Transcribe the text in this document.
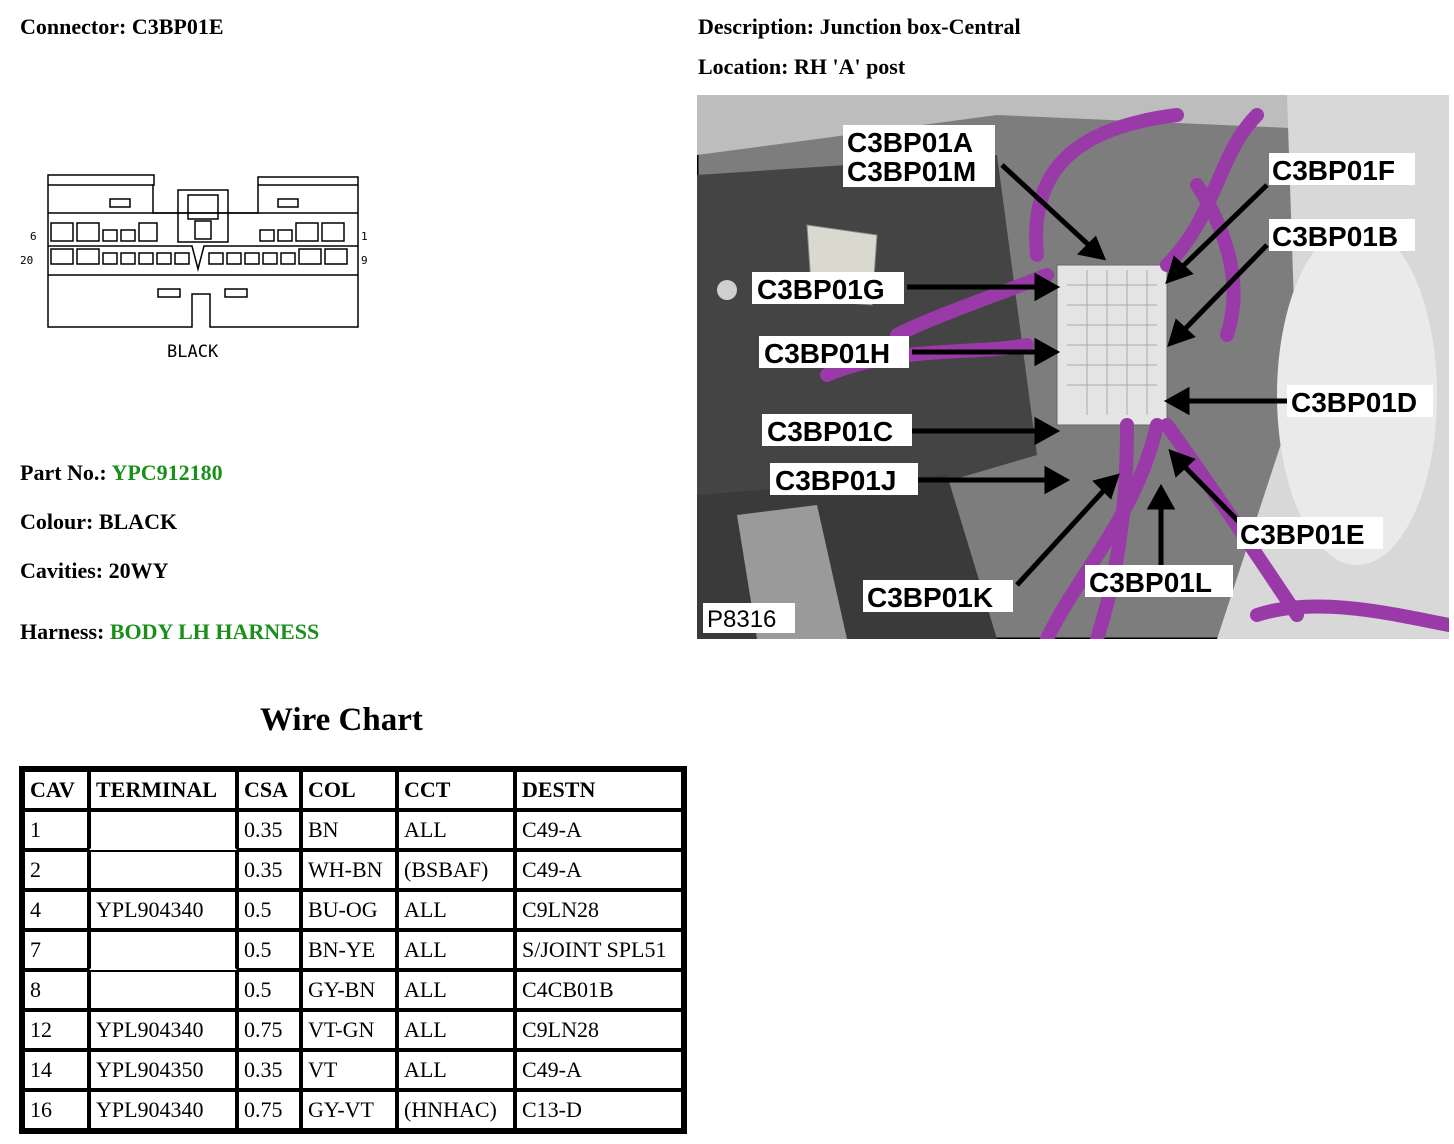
Connector: C3BP01E	Description: Junction box-Central
Location: RH 'A' post
6
20
1
9
BLACK
Part No.: YPC912180
Colour: BLACK
Cavities: 20WY
Harness: BODY LH HARNESS
C3BP01A
C3BP01M	C3BP01F
C3BP01B
C3BP01G
C3BP01H
C3BP01D
C3BP01C
C3BP01J
C3BP01E
C3BP01K	C3BP01L
P8316
Wire Chart
CAV	TERMINAL	CSA	COL	CCT	DESTN
1		0.35	BN	ALL	C49-A
2		0.35	WH-BN	(BSBAF)	C49-A
4	YPL904340	0.5	BU-OG	ALL	C9LN28
7		0.5	BN-YE	ALL	S/JOINT SPL51
8		0.5	GY-BN	ALL	C4CB01B
12	YPL904340	0.75	VT-GN	ALL	C9LN28
14	YPL904350	0.35	VT	ALL	C49-A
16	YPL904340	0.75	GY-VT	(HNHAC)	C13-D
